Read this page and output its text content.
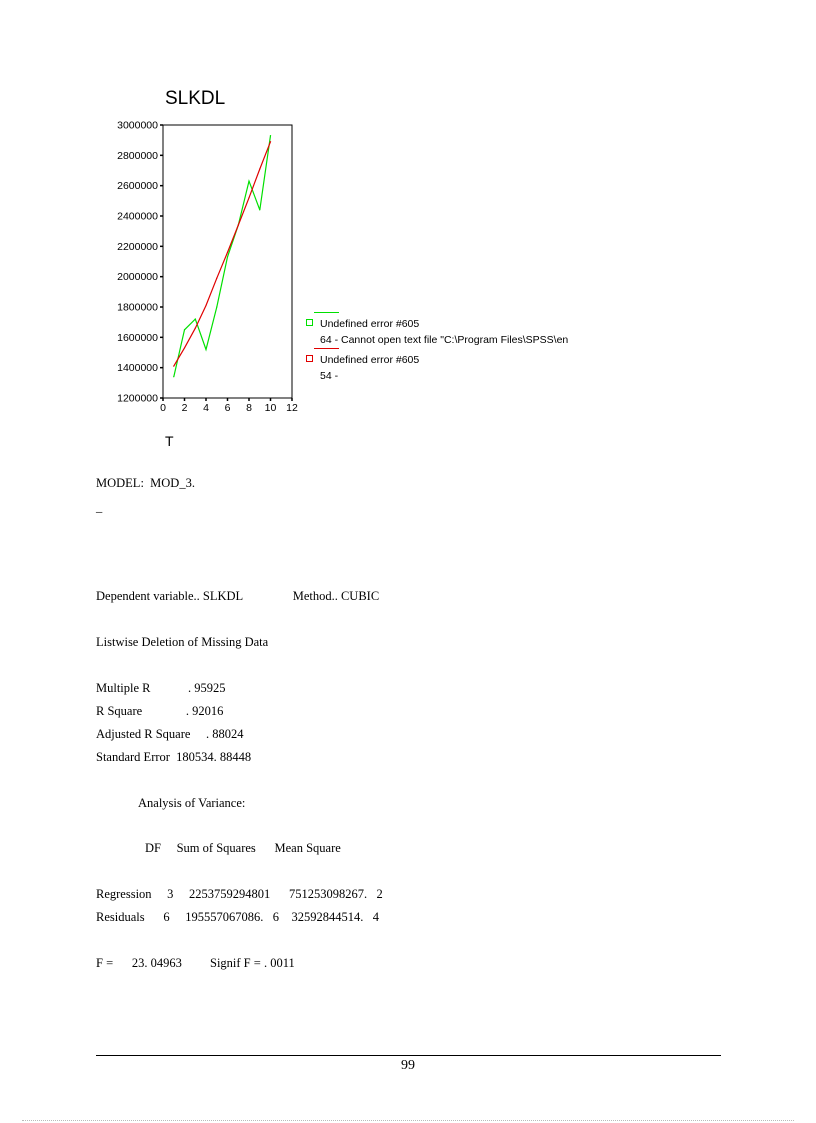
SLKDL
1200000
1400000
1600000
1800000
2000000
2200000
2400000
2600000
2800000
3000000
0 2 4 6 8 10 12
T
Undefined error #605
64 - Cannot open text file "C:\Program Files\SPSS\en
Undefined error #605
54 -

MODEL:  MOD_3.

_

Dependent variable.. SLKDL                Method.. CUBIC

Listwise Deletion of Missing Data

Multiple R            . 95925

R Square              . 92016

Adjusted R Square     . 88024

Standard Error  180534. 88448

Analysis of Variance:

DF     Sum of Squares      Mean Square

Regression     3     2253759294801      751253098267.   2

Residuals      6     195557067086.   6    32592844514.   4

F =      23. 04963         Signif F = . 0011

99
